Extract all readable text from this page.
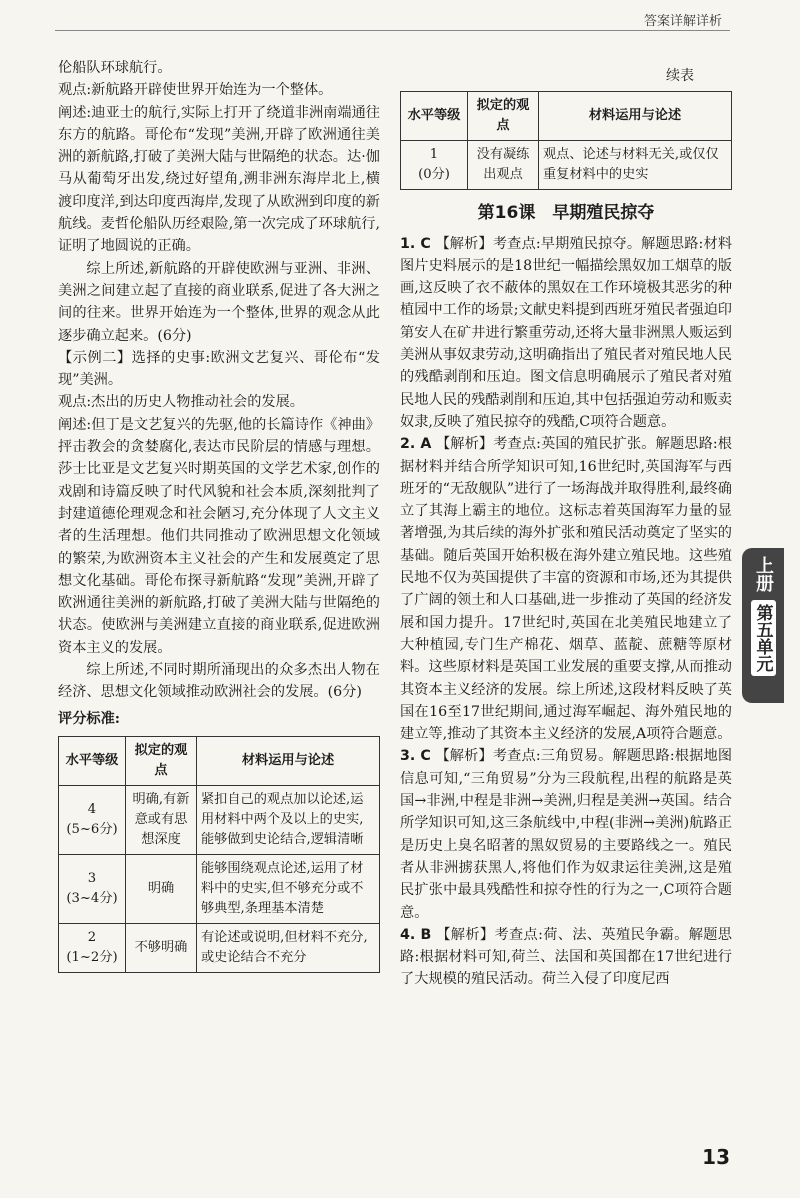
答案详解详析

伦船队环球航行。

观点:新航路开辟使世界开始连为一个整体。

阐述:迪亚士的航行,实际上打开了绕道非洲南端通往东方的航路。哥伦布“发现”美洲,开辟了欧洲通往美洲的新航路,打破了美洲大陆与世隔绝的状态。达·伽马从葡萄牙出发,绕过好望角,溯非洲东海岸北上,横渡印度洋,到达印度西海岸,发现了从欧洲到印度的新航线。麦哲伦船队历经艰险,第一次完成了环球航行,证明了地圆说的正确。

综上所述,新航路的开辟使欧洲与亚洲、非洲、美洲之间建立起了直接的商业联系,促进了各大洲之间的往来。世界开始连为一个整体,世界的观念从此逐步确立起来。(6分)

【示例二】选择的史事:欧洲文艺复兴、哥伦布“发现”美洲。

观点:杰出的历史人物推动社会的发展。

阐述:但丁是文艺复兴的先驱,他的长篇诗作《神曲》抨击教会的贪婪腐化,表达市民阶层的情感与理想。莎士比亚是文艺复兴时期英国的文学艺术家,创作的戏剧和诗篇反映了时代风貌和社会本质,深刻批判了封建道德伦理观念和社会陋习,充分体现了人文主义者的生活理想。他们共同推动了欧洲思想文化领域的繁荣,为欧洲资本主义社会的产生和发展奠定了思想文化基础。哥伦布探寻新航路“发现”美洲,开辟了欧洲通往美洲的新航路,打破了美洲大陆与世隔绝的状态。使欧洲与美洲建立直接的商业联系,促进欧洲资本主义的发展。

综上所述,不同时期所涌现出的众多杰出人物在经济、思想文化领域推动欧洲社会的发展。(6分)

评分标准:

水平等级	拟定的观点	材料运用与论述
4
(5~6分)	明确,有新意或有思想深度	紧扣自己的观点加以论述,运用材料中两个及以上的史实,能够做到史论结合,逻辑清晰
3
(3~4分)	明确	能够围绕观点论述,运用了材料中的史实,但不够充分或不够典型,条理基本清楚
2
(1~2分)	不够明确	有论述或说明,但材料不充分,或史论结合不充分
续表
水平等级	拟定的观点	材料运用与论述
1
(0分)	没有凝练出观点	观点、论述与材料无关,或仅仅重复材料中的史实
第16课　早期殖民掠夺

1. C 【解析】考查点:早期殖民掠夺。解题思路:材料图片史料展示的是18世纪一幅描绘黑奴加工烟草的版画,这反映了衣不蔽体的黑奴在工作环境极其恶劣的种植园中工作的场景;文献史料提到西班牙殖民者强迫印第安人在矿井进行繁重劳动,还将大量非洲黑人贩运到美洲从事奴隶劳动,这明确指出了殖民者对殖民地人民的残酷剥削和压迫。图文信息明确展示了殖民者对殖民地人民的残酷剥削和压迫,其中包括强迫劳动和贩卖奴隶,反映了殖民掠夺的残酷,C项符合题意。

2. A 【解析】考查点:英国的殖民扩张。解题思路:根据材料并结合所学知识可知,16世纪时,英国海军与西班牙的“无敌舰队”进行了一场海战并取得胜利,最终确立了其海上霸主的地位。这标志着英国海军力量的显著增强,为其后续的海外扩张和殖民活动奠定了坚实的基础。随后英国开始积极在海外建立殖民地。这些殖民地不仅为英国提供了丰富的资源和市场,还为其提供了广阔的领土和人口基础,进一步推动了英国的经济发展和国力提升。17世纪时,英国在北美殖民地建立了大种植园,专门生产棉花、烟草、蓝靛、蔗糖等原材料。这些原材料是英国工业发展的重要支撑,从而推动其资本主义经济的发展。综上所述,这段材料反映了英国在16至17世纪期间,通过海军崛起、海外殖民地的建立等,推动了其资本主义经济的发展,A项符合题意。

3. C 【解析】考查点:三角贸易。解题思路:根据地图信息可知,“三角贸易”分为三段航程,出程的航路是英国→非洲,中程是非洲→美洲,归程是美洲→英国。结合所学知识可知,这三条航线中,中程(非洲→美洲)航路正是历史上臭名昭著的黑奴贸易的主要路线之一。殖民者从非洲掳获黑人,将他们作为奴隶运往美洲,这是殖民扩张中最具残酷性和掠夺性的行为之一,C项符合题意。

4. B 【解析】考查点:荷、法、英殖民争霸。解题思路:根据材料可知,荷兰、法国和英国都在17世纪进行了大规模的殖民活动。荷兰入侵了印度尼西

上册
第五单元
13
